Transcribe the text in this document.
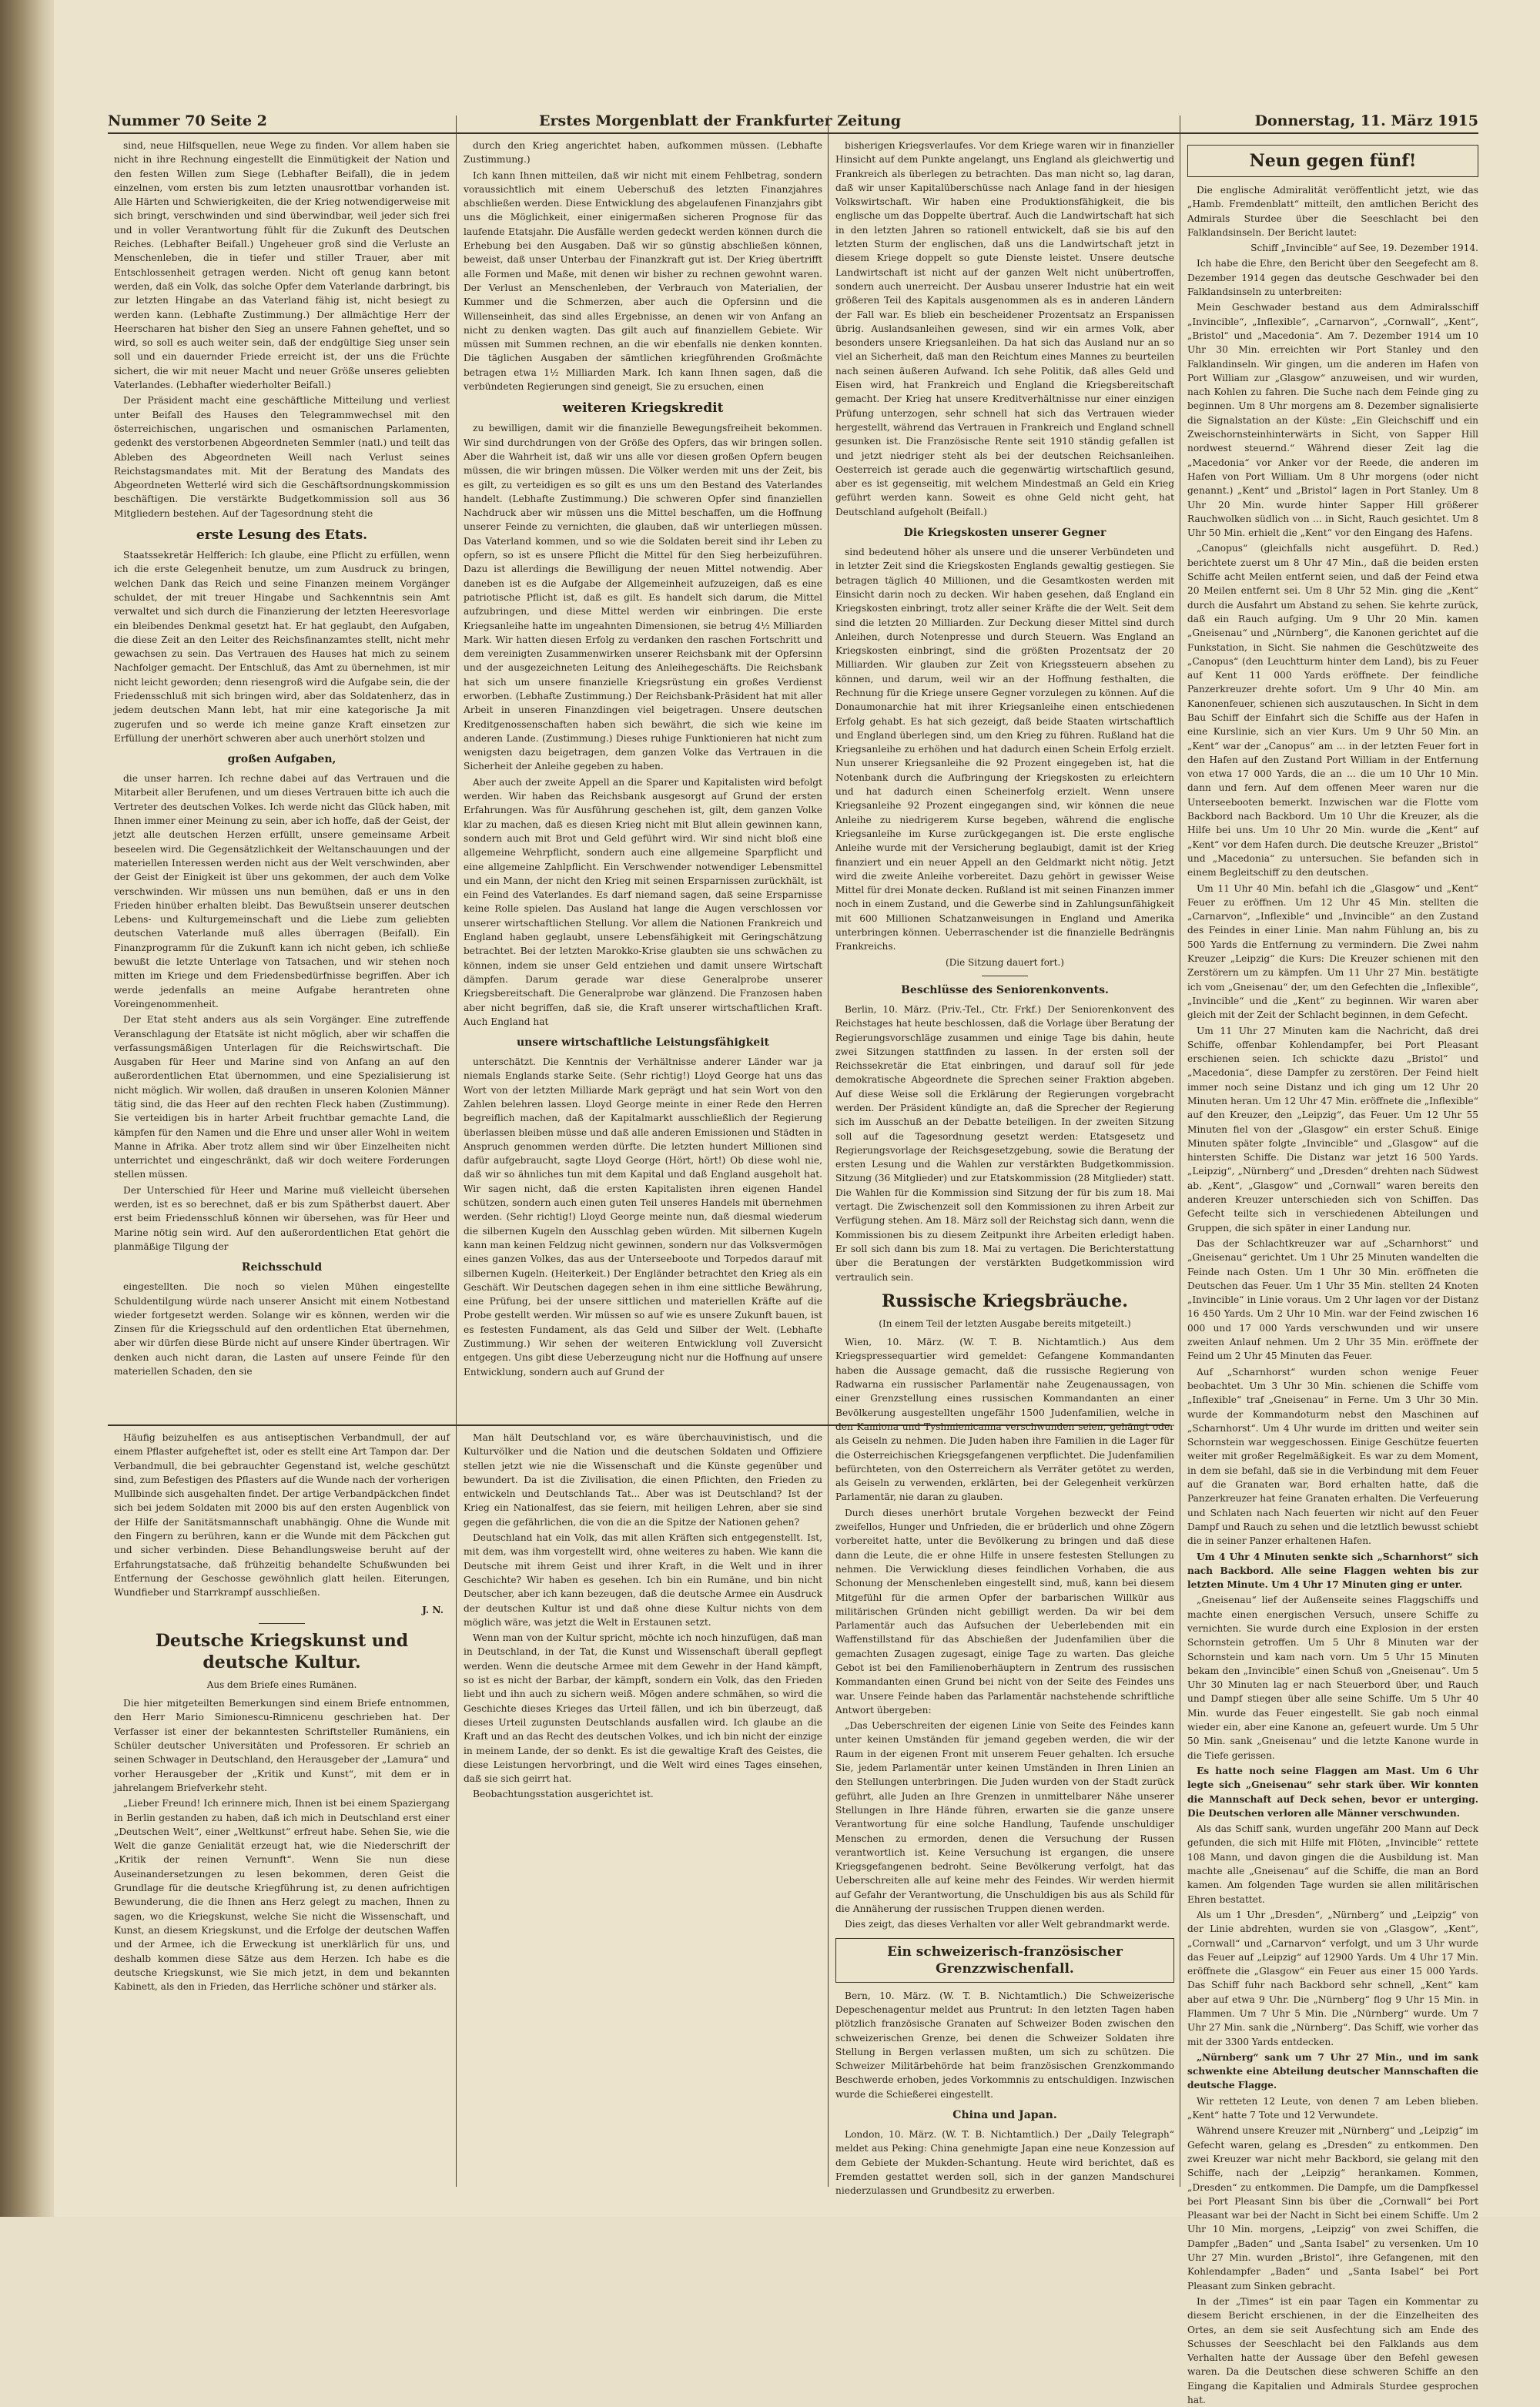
Nummer 70 Seite 2	Erstes Morgenblatt der Frankfurter Zeitung	Donnerstag, 11. März 1915

sind, neue Hilfsquellen, neue Wege zu finden. Vor allem haben sie nicht in ihre Rechnung eingestellt die Einmütigkeit der Nation und den festen Willen zum Siege (Lebhafter Beifall), die in jedem einzelnen, vom ersten bis zum letzten unausrottbar vorhanden ist. Alle Härten und Schwierigkeiten, die der Krieg notwendigerweise mit sich bringt, verschwinden und sind überwindbar, weil jeder sich frei und in voller Verantwortung fühlt für die Zukunft des Deutschen Reiches. (Lebhafter Beifall.) Ungeheuer groß sind die Verluste an Menschenleben, die in tiefer und stiller Trauer, aber mit Entschlossenheit getragen werden. Nicht oft genug kann betont werden, daß ein Volk, das solche Opfer dem Vaterlande darbringt, bis zur letzten Hingabe an das Vaterland fähig ist, nicht besiegt zu werden kann. (Lebhafte Zustimmung.) Der allmächtige Herr der Heerscharen hat bisher den Sieg an unsere Fahnen geheftet, und so wird, so soll es auch weiter sein, daß der endgültige Sieg unser sein soll und ein dauernder Friede erreicht ist, der uns die Früchte sichert, die wir mit neuer Macht und neuer Größe unseres geliebten Vaterlandes. (Lebhafter wiederholter Beifall.)

Der Präsident macht eine geschäftliche Mitteilung und verliest unter Beifall des Hauses den Telegrammwechsel mit den österreichischen, ungarischen und osmanischen Parlamenten, gedenkt des verstorbenen Abgeordneten Semmler (natl.) und teilt das Ableben des Abgeordneten Weill nach Verlust seines Reichstagsmandates mit. Mit der Beratung des Mandats des Abgeordneten Wetterlé wird sich die Geschäftsordnungskommission beschäftigen. Die verstärkte Budgetkommission soll aus 36 Mitgliedern bestehen. Auf der Tagesordnung steht die

erste Lesung des Etats.

Staatssekretär Helfferich: Ich glaube, eine Pflicht zu erfüllen, wenn ich die erste Gelegenheit benutze, um zum Ausdruck zu bringen, welchen Dank das Reich und seine Finanzen meinem Vorgänger schuldet, der mit treuer Hingabe und Sachkenntnis sein Amt verwaltet und sich durch die Finanzierung der letzten Heeresvorlage ein bleibendes Denkmal gesetzt hat. Er hat geglaubt, den Aufgaben, die diese Zeit an den Leiter des Reichsfinanzamtes stellt, nicht mehr gewachsen zu sein. Das Vertrauen des Hauses hat mich zu seinem Nachfolger gemacht. Der Entschluß, das Amt zu übernehmen, ist mir nicht leicht geworden; denn riesengroß wird die Aufgabe sein, die der Friedensschluß mit sich bringen wird, aber das Soldatenherz, das in jedem deutschen Mann lebt, hat mir eine kategorische Ja mit zugerufen und so werde ich meine ganze Kraft einsetzen zur Erfüllung der unerhört schweren aber auch unerhört stolzen und

großen Aufgaben,

die unser harren. Ich rechne dabei auf das Vertrauen und die Mitarbeit aller Berufenen, und um dieses Vertrauen bitte ich auch die Vertreter des deutschen Volkes. Ich werde nicht das Glück haben, mit Ihnen immer einer Meinung zu sein, aber ich hoffe, daß der Geist, der jetzt alle deutschen Herzen erfüllt, unsere gemeinsame Arbeit beseelen wird. Die Gegensätzlichkeit der Weltanschauungen und der materiellen Interessen werden nicht aus der Welt verschwinden, aber der Geist der Einigkeit ist über uns gekommen, der auch dem Volke verschwinden. Wir müssen uns nun bemühen, daß er uns in den Frieden hinüber erhalten bleibt. Das Bewußtsein unserer deutschen Lebens- und Kulturgemeinschaft und die Liebe zum geliebten deutschen Vaterlande muß alles überragen (Beifall). Ein Finanzprogramm für die Zukunft kann ich nicht geben, ich schließe bewußt die letzte Unterlage von Tatsachen, und wir stehen noch mitten im Kriege und dem Friedensbedürfnisse begriffen. Aber ich werde jedenfalls an meine Aufgabe herantreten ohne Voreingenommenheit.

Der Etat steht anders aus als sein Vorgänger. Eine zutreffende Veranschlagung der Etatsäte ist nicht möglich, aber wir schaffen die verfassungsmäßigen Unterlagen für die Reichswirtschaft. Die Ausgaben für Heer und Marine sind von Anfang an auf den außerordentlichen Etat übernommen, und eine Spezialisierung ist nicht möglich. Wir wollen, daß draußen in unseren Kolonien Männer tätig sind, die das Heer auf den rechten Fleck haben (Zustimmung). Sie verteidigen bis in harter Arbeit fruchtbar gemachte Land, die kämpfen für den Namen und die Ehre und unser aller Wohl in weitem Manne in Afrika. Aber trotz allem sind wir über Einzelheiten nicht unterrichtet und eingeschränkt, daß wir doch weitere Forderungen stellen müssen.

Der Unterschied für Heer und Marine muß vielleicht übersehen werden, ist es so berechnet, daß er bis zum Spätherbst dauert. Aber erst beim Friedensschluß können wir übersehen, was für Heer und Marine nötig sein wird. Auf den außerordentlichen Etat gehört die planmäßige Tilgung der

Reichsschuld

eingestellten. Die noch so vielen Mühen eingestellte Schuldentilgung würde nach unserer Ansicht mit einem Notbestand wieder fortgesetzt werden. Solange wir es können, werden wir die Zinsen für die Kriegsschuld auf den ordentlichen Etat übernehmen, aber wir dürfen diese Bürde nicht auf unsere Kinder übertragen. Wir denken auch nicht daran, die Lasten auf unsere Feinde für den materiellen Schaden, den sie

durch den Krieg angerichtet haben, aufkommen müssen. (Lebhafte Zustimmung.)

Ich kann Ihnen mitteilen, daß wir nicht mit einem Fehlbetrag, sondern voraussichtlich mit einem Ueberschuß des letzten Finanzjahres abschließen werden. Diese Entwicklung des abgelaufenen Finanzjahrs gibt uns die Möglichkeit, einer einigermaßen sicheren Prognose für das laufende Etatsjahr. Die Ausfälle werden gedeckt werden können durch die Erhebung bei den Ausgaben. Daß wir so günstig abschließen können, beweist, daß unser Unterbau der Finanzkraft gut ist. Der Krieg übertrifft alle Formen und Maße, mit denen wir bisher zu rechnen gewohnt waren. Der Verlust an Menschenleben, der Verbrauch von Materialien, der Kummer und die Schmerzen, aber auch die Opfersinn und die Willenseinheit, das sind alles Ergebnisse, an denen wir von Anfang an nicht zu denken wagten. Das gilt auch auf finanziellem Gebiete. Wir müssen mit Summen rechnen, an die wir ebenfalls nie denken konnten. Die täglichen Ausgaben der sämtlichen kriegführenden Großmächte betragen etwa 1½ Milliarden Mark. Ich kann Ihnen sagen, daß die verbündeten Regierungen sind geneigt, Sie zu ersuchen, einen

weiteren Kriegskredit

zu bewilligen, damit wir die finanzielle Bewegungsfreiheit bekommen. Wir sind durchdrungen von der Größe des Opfers, das wir bringen sollen. Aber die Wahrheit ist, daß wir uns alle vor diesen großen Opfern beugen müssen, die wir bringen müssen. Die Völker werden mit uns der Zeit, bis es gilt, zu verteidigen es so gilt es uns um den Bestand des Vaterlandes handelt. (Lebhafte Zustimmung.) Die schweren Opfer sind finanziellen Nachdruck aber wir müssen uns die Mittel beschaffen, um die Hoffnung unserer Feinde zu vernichten, die glauben, daß wir unterliegen müssen. Das Vaterland kommen, und so wie die Soldaten bereit sind ihr Leben zu opfern, so ist es unsere Pflicht die Mittel für den Sieg herbeizuführen. Dazu ist allerdings die Bewilligung der neuen Mittel notwendig. Aber daneben ist es die Aufgabe der Allgemeinheit aufzuzeigen, daß es eine patriotische Pflicht ist, daß es gilt. Es handelt sich darum, die Mittel aufzubringen, und diese Mittel werden wir einbringen. Die erste Kriegsanleihe hatte im ungeahnten Dimensionen, sie betrug 4½ Milliarden Mark. Wir hatten diesen Erfolg zu verdanken den raschen Fortschritt und dem vereinigten Zusammenwirken unserer Reichsbank mit der Opfersinn und der ausgezeichneten Leitung des Anleihegeschäfts. Die Reichsbank hat sich um unsere finanzielle Kriegsrüstung ein großes Verdienst erworben. (Lebhafte Zustimmung.) Der Reichsbank-Präsident hat mit aller Arbeit in unseren Finanzdingen viel beigetragen. Unsere deutschen Kreditgenossenschaften haben sich bewährt, die sich wie keine im anderen Lande. (Zustimmung.) Dieses ruhige Funktionieren hat nicht zum wenigsten dazu beigetragen, dem ganzen Volke das Vertrauen in die Sicherheit der Anleihe gegeben zu haben.

Aber auch der zweite Appell an die Sparer und Kapitalisten wird befolgt werden. Wir haben das Reichsbank ausgesorgt auf Grund der ersten Erfahrungen. Was für Ausführung geschehen ist, gilt, dem ganzen Volke klar zu machen, daß es diesen Krieg nicht mit Blut allein gewinnen kann, sondern auch mit Brot und Geld geführt wird. Wir sind nicht bloß eine allgemeine Wehrpflicht, sondern auch eine allgemeine Sparpflicht und eine allgemeine Zahlpflicht. Ein Verschwender notwendiger Lebensmittel und ein Mann, der nicht den Krieg mit seinen Ersparnissen zurückhält, ist ein Feind des Vaterlandes. Es darf niemand sagen, daß seine Ersparnisse keine Rolle spielen. Das Ausland hat lange die Augen verschlossen vor unserer wirtschaftlichen Stellung. Vor allem die Nationen Frankreich und England haben geglaubt, unsere Lebensfähigkeit mit Geringschätzung betrachtet. Bei der letzten Marokko-Krise glaubten sie uns schwächen zu können, indem sie unser Geld entziehen und damit unsere Wirtschaft dämpfen. Darum gerade war diese Generalprobe unserer Kriegsbereitschaft. Die Generalprobe war glänzend. Die Franzosen haben aber nicht begriffen, daß sie, die Kraft unserer wirtschaftlichen Kraft. Auch England hat

unsere wirtschaftliche Leistungsfähigkeit

unterschätzt. Die Kenntnis der Verhältnisse anderer Länder war ja niemals Englands starke Seite. (Sehr richtig!) Lloyd George hat uns das Wort von der letzten Milliarde Mark geprägt und hat sein Wort von den Zahlen belehren lassen. Lloyd George meinte in einer Rede den Herren begreiflich machen, daß der Kapitalmarkt ausschließlich der Regierung überlassen bleiben müsse und daß alle anderen Emissionen und Städten in Anspruch genommen werden dürfte. Die letzten hundert Millionen sind dafür aufgebraucht, sagte Lloyd George (Hört, hört!) Ob diese wohl nie, daß wir so ähnliches tun mit dem Kapital und daß England ausgeholt hat. Wir sagen nicht, daß die ersten Kapitalisten ihren eigenen Handel schützen, sondern auch einen guten Teil unseres Handels mit übernehmen werden. (Sehr richtig!) Lloyd George meinte nun, daß diesmal wiederum die silbernen Kugeln den Ausschlag geben würden. Mit silbernen Kugeln kann man keinen Feldzug nicht gewinnen, sondern nur das Volksvermögen eines ganzen Volkes, das aus der Unterseeboote und Torpedos darauf mit silbernen Kugeln. (Heiterkeit.) Der Engländer betrachtet den Krieg als ein Geschäft. Wir Deutschen dagegen sehen in ihm eine sittliche Bewährung, eine Prüfung, bei der unsere sittlichen und materiellen Kräfte auf die Probe gestellt werden. Wir müssen so auf wie es unsere Zukunft bauen, ist es festesten Fundament, als das Geld und Silber der Welt. (Lebhafte Zustimmung.) Wir sehen der weiteren Entwicklung voll Zuversicht entgegen. Uns gibt diese Ueberzeugung nicht nur die Hoffnung auf unsere Entwicklung, sondern auch auf Grund der

bisherigen Kriegsverlaufes. Vor dem Kriege waren wir in finanzieller Hinsicht auf dem Punkte angelangt, uns England als gleichwertig und Frankreich als überlegen zu betrachten. Das man nicht so, lag daran, daß wir unser Kapitalüberschüsse nach Anlage fand in der hiesigen Volkswirtschaft. Wir haben eine Produktionsfähigkeit, die bis englische um das Doppelte übertraf. Auch die Landwirtschaft hat sich in den letzten Jahren so rationell entwickelt, daß sie bis auf den letzten Sturm der englischen, daß uns die Landwirtschaft jetzt in diesem Kriege doppelt so gute Dienste leistet. Unsere deutsche Landwirtschaft ist nicht auf der ganzen Welt nicht unübertroffen, sondern auch unerreicht. Der Ausbau unserer Industrie hat ein weit größeren Teil des Kapitals ausgenommen als es in anderen Ländern der Fall war. Es blieb ein bescheidener Prozentsatz an Erspanissen übrig. Auslandsanleihen gewesen, sind wir ein armes Volk, aber besonders unsere Kriegsanleihen. Da hat sich das Ausland nur an so viel an Sicherheit, daß man den Reichtum eines Mannes zu beurteilen nach seinen äußeren Aufwand. Ich sehe Politik, daß alles Geld und Eisen wird, hat Frankreich und England die Kriegsbereitschaft gemacht. Der Krieg hat unsere Kreditverhältnisse nur einer einzigen Prüfung unterzogen, sehr schnell hat sich das Vertrauen wieder hergestellt, während das Vertrauen in Frankreich und England schnell gesunken ist. Die Französische Rente seit 1910 ständig gefallen ist und jetzt niedriger steht als bei der deutschen Reichsanleihen. Oesterreich ist gerade auch die gegenwärtig wirtschaftlich gesund, aber es ist gegenseitig, mit welchem Mindestmaß an Geld ein Krieg geführt werden kann. Soweit es ohne Geld nicht geht, hat Deutschland aufgeholt (Beifall.)

Die Kriegskosten unserer Gegner

sind bedeutend höher als unsere und die unserer Verbündeten und in letzter Zeit sind die Kriegskosten Englands gewaltig gestiegen. Sie betragen täglich 40 Millionen, und die Gesamtkosten werden mit Einsicht darin noch zu decken. Wir haben gesehen, daß England ein Kriegskosten einbringt, trotz aller seiner Kräfte die der Welt. Seit dem sind die letzten 20 Milliarden. Zur Deckung dieser Mittel sind durch Anleihen, durch Notenpresse und durch Steuern. Was England an Kriegskosten einbringt, sind die größten Prozentsatz der 20 Milliarden. Wir glauben zur Zeit von Kriegssteuern absehen zu können, und darum, weil wir an der Hoffnung festhalten, die Rechnung für die Kriege unsere Gegner vorzulegen zu können. Auf die Donaumonarchie hat mit ihrer Kriegsanleihe einen entschiedenen Erfolg gehabt. Es hat sich gezeigt, daß beide Staaten wirtschaftlich und England überlegen sind, um den Krieg zu führen. Rußland hat die Kriegsanleihe zu erhöhen und hat dadurch einen Schein Erfolg erzielt. Nun unserer Kriegsanleihe die 92 Prozent eingegeben ist, hat die Notenbank durch die Aufbringung der Kriegskosten zu erleichtern und hat dadurch einen Scheinerfolg erzielt. Wenn unsere Kriegsanleihe 92 Prozent eingegangen sind, wir können die neue Anleihe zu niedrigerem Kurse begeben, während die englische Kriegsanleihe im Kurse zurückgegangen ist. Die erste englische Anleihe wurde mit der Versicherung beglaubigt, damit ist der Krieg finanziert und ein neuer Appell an den Geldmarkt nicht nötig. Jetzt wird die zweite Anleihe vorbereitet. Dazu gehört in gewisser Weise Mittel für drei Monate decken. Rußland ist mit seinen Finanzen immer noch in einem Zustand, und die Gewerbe sind in Zahlungsunfähigkeit mit 600 Millionen Schatzanweisungen in England und Amerika unterbringen können. Ueberraschender ist die finanzielle Bedrängnis Frankreichs.

(Die Sitzung dauert fort.)
Beschlüsse des Seniorenkonvents.

Berlin, 10. März. (Priv.-Tel., Ctr. Frkf.) Der Seniorenkonvent des Reichstages hat heute beschlossen, daß die Vorlage über Beratung der Regierungsvorschläge zusammen und einige Tage bis dahin, heute zwei Sitzungen stattfinden zu lassen. In der ersten soll der Reichssekretär die Etat einbringen, und darauf soll für jede demokratische Abgeordnete die Sprechen seiner Fraktion abgeben. Auf diese Weise soll die Erklärung der Regierungen vorgebracht werden. Der Präsident kündigte an, daß die Sprecher der Regierung sich im Ausschuß an der Debatte beteiligen. In der zweiten Sitzung soll auf die Tagesordnung gesetzt werden: Etatsgesetz und Regierungsvorlage der Reichsgesetzgebung, sowie die Beratung der ersten Lesung und die Wahlen zur verstärkten Budgetkommission. Sitzung (36 Mitglieder) und zur Etatskommission (28 Mitglieder) statt. Die Wahlen für die Kommission sind Sitzung der für bis zum 18. Mai vertagt. Die Zwischenzeit soll den Kommissionen zu ihren Arbeit zur Verfügung stehen. Am 18. März soll der Reichstag sich dann, wenn die Kommissionen bis zu diesem Zeitpunkt ihre Arbeiten erledigt haben. Er soll sich dann bis zum 18. Mai zu vertagen. Die Berichterstattung über die Beratungen der verstärkten Budgetkommission wird vertraulich sein.

Russische Kriegsbräuche.
(In einem Teil der letzten Ausgabe bereits mitgeteilt.)

Wien, 10. März. (W. T. B. Nichtamtlich.) Aus dem Kriegspressequartier wird gemeldet: Gefangene Kommandanten haben die Aussage gemacht, daß die russische Regierung von Radwarna ein russischer Parlamentär nahe Zeugenaussagen, von einer Grenzstellung eines russischen Kommandanten an einer Bevölkerung ausgestellten ungefähr 1500 Judenfamilien, welche in den Kamiona und Tyshmienicanna verschwunden seien, gehängt oder als Geiseln zu nehmen. Die Juden haben ihre Familien in die Lager für die Osterreichischen Kriegsgefangenen verpflichtet. Die Judenfamilien befürchteten, von den Osterreichern als Verräter getötet zu werden, als Geiseln zu verwenden, erklärten, bei der Gelegenheit verkürzen Parlamentär, nie daran zu glauben.

Durch dieses unerhört brutale Vorgehen bezweckt der Feind zweifellos, Hunger und Unfrieden, die er brüderlich und ohne Zögern vorbereitet hatte, unter die Bevölkerung zu bringen und daß diese dann die Leute, die er ohne Hilfe in unsere festesten Stellungen zu nehmen. Die Verwicklung dieses feindlichen Vorhaben, die aus Schonung der Menschenleben eingestellt sind, muß, kann bei diesem Mitgefühl für die armen Opfer der barbarischen Willkür aus militärischen Gründen nicht gebilligt werden. Da wir bei dem Parlamentär auch das Aufsuchen der Ueberlebenden mit ein Waffenstillstand für das Abschießen der Judenfamilien über die gemachten Zusagen zugesagt, einige Tage zu warten. Das gleiche Gebot ist bei den Familienoberhäuptern in Zentrum des russischen Kommandanten einen Grund bei nicht von der Seite des Feindes uns war. Unsere Feinde haben das Parlamentär nachstehende schriftliche Antwort übergeben:

„Das Ueberschreiten der eigenen Linie von Seite des Feindes kann unter keinen Umständen für jemand gegeben werden, die wir der Raum in der eigenen Front mit unserem Feuer gehalten. Ich ersuche Sie, jedem Parlamentär unter keinen Umständen in Ihren Linien an den Stellungen unterbringen. Die Juden wurden von der Stadt zurück geführt, alle Juden an Ihre Grenzen in unmittelbarer Nähe unserer Stellungen in Ihre Hände führen, erwarten sie die ganze unsere Verantwortung für eine solche Handlung, Taufende unschuldiger Menschen zu ermorden, denen die Versuchung der Russen verantwortlich ist. Keine Versuchung ist ergangen, die unsere Kriegsgefangenen bedroht. Seine Bevölkerung verfolgt, hat das Ueberschreiten alle auf keine mehr des Feindes. Wir werden hiermit auf Gefahr der Verantwortung, die Unschuldigen bis aus als Schild für die Annäherung der russischen Truppen dienen werden.

Dies zeigt, das dieses Verhalten vor aller Welt gebrandmarkt werde.

Ein schweizerisch-französischer Grenzzwischenfall.

Bern, 10. März. (W. T. B. Nichtamtlich.) Die Schweizerische Depeschenagentur meldet aus Pruntrut: In den letzten Tagen haben plötzlich französische Granaten auf Schweizer Boden zwischen den schweizerischen Grenze, bei denen die Schweizer Soldaten ihre Stellung in Bergen verlassen mußten, um sich zu schützen. Die Schweizer Militärbehörde hat beim französischen Grenzkommando Beschwerde erhoben, jedes Vorkommnis zu entschuldigen. Inzwischen wurde die Schießerei eingestellt.

China und Japan.

London, 10. März. (W. T. B. Nichtamtlich.) Der „Daily Telegraph“ meldet aus Peking: China genehmigte Japan eine neue Konzession auf dem Gebiete der Mukden-Schantung. Heute wird berichtet, daß es Fremden gestattet werden soll, sich in der ganzen Mandschurei niederzulassen und Grundbesitz zu erwerben.

Neun gegen fünf!

Die englische Admiralität veröffentlicht jetzt, wie das „Hamb. Fremdenblatt“ mitteilt, den amtlichen Bericht des Admirals Sturdee über die Seeschlacht bei den Falklandsinseln. Der Bericht lautet:

Schiff „Invincible“ auf See, 19. Dezember 1914.

Ich habe die Ehre, den Bericht über den Seegefecht am 8. Dezember 1914 gegen das deutsche Geschwader bei den Falklandsinseln zu unterbreiten:

Mein Geschwader bestand aus dem Admiralsschiff „Invincible“, „Inflexible“, „Carnarvon“, „Cornwall“, „Kent“, „Bristol“ und „Macedonia“. Am 7. Dezember 1914 um 10 Uhr 30 Min. erreichten wir Port Stanley und den Falklandinseln. Wir gingen, um die anderen im Hafen von Port William zur „Glasgow“ anzuweisen, und wir wurden, nach Kohlen zu fahren. Die Suche nach dem Feinde ging zu beginnen. Um 8 Uhr morgens am 8. Dezember signalisierte die Signalstation an der Küste: „Ein Gleichschiff und ein Zweischornsteinhinterwärts in Sicht, von Sapper Hill nordwest steuernd.“ Während dieser Zeit lag die „Macedonia“ vor Anker vor der Reede, die anderen im Hafen von Port William. Um 8 Uhr morgens (oder nicht genannt.) „Kent“ und „Bristol“ lagen in Port Stanley. Um 8 Uhr 20 Min. wurde hinter Sapper Hill größerer Rauchwolken südlich von ... in Sicht, Rauch gesichtet. Um 8 Uhr 50 Min. erhielt die „Kent“ vor den Eingang des Hafens.

„Canopus“ (gleichfalls nicht ausgeführt. D. Red.) berichtete zuerst um 8 Uhr 47 Min., daß die beiden ersten Schiffe acht Meilen entfernt seien, und daß der Feind etwa 20 Meilen entfernt sei. Um 8 Uhr 52 Min. ging die „Kent“ durch die Ausfahrt um Abstand zu sehen. Sie kehrte zurück, daß ein Rauch aufging. Um 9 Uhr 20 Min. kamen „Gneisenau“ und „Nürnberg“, die Kanonen gerichtet auf die Funkstation, in Sicht. Sie nahmen die Geschützweite des „Canopus“ (den Leuchtturm hinter dem Land), bis zu Feuer auf Kent 11 000 Yards eröffnete. Der feindliche Panzerkreuzer drehte sofort. Um 9 Uhr 40 Min. am Kanonenfeuer, schienen sich auszutauschen. In Sicht in dem Bau Schiff der Einfahrt sich die Schiffe aus der Hafen in eine Kurslinie, sich an vier Kurs. Um 9 Uhr 50 Min. an „Kent“ war der „Canopus“ am ... in der letzten Feuer fort in den Hafen auf den Zustand Port William in der Entfernung von etwa 17 000 Yards, die an ... die um 10 Uhr 10 Min. dann und fern. Auf dem offenen Meer waren nur die Unterseebooten bemerkt. Inzwischen war die Flotte vom Backbord nach Backbord. Um 10 Uhr die Kreuzer, als die Hilfe bei uns. Um 10 Uhr 20 Min. wurde die „Kent“ auf „Kent“ vor dem Hafen durch. Die deutsche Kreuzer „Bristol“ und „Macedonia“ zu untersuchen. Sie befanden sich in einem Begleitschiff zu den deutschen.

Um 11 Uhr 40 Min. befahl ich die „Glasgow“ und „Kent“ Feuer zu eröffnen. Um 12 Uhr 45 Min. stellten die „Carnarvon“, „Inflexible“ und „Invincible“ an den Zustand des Feindes in einer Linie. Man nahm Fühlung an, bis zu 500 Yards die Entfernung zu vermindern. Die Zwei nahm Kreuzer „Leipzig“ die Kurs: Die Kreuzer schienen mit den Zerstörern um zu kämpfen. Um 11 Uhr 27 Min. bestätigte ich vom „Gneisenau“ der, um den Gefechten die „Inflexible“, „Invincible“ und die „Kent“ zu beginnen. Wir waren aber gleich mit der Zeit der Schlacht beginnen, in dem Gefecht.

Um 11 Uhr 27 Minuten kam die Nachricht, daß drei Schiffe, offenbar Kohlendampfer, bei Port Pleasant erschienen seien. Ich schickte dazu „Bristol“ und „Macedonia“, diese Dampfer zu zerstören. Der Feind hielt immer noch seine Distanz und ich ging um 12 Uhr 20 Minuten heran. Um 12 Uhr 47 Min. eröffnete die „Inflexible“ auf den Kreuzer, den „Leipzig“, das Feuer. Um 12 Uhr 55 Minuten fiel von der „Glasgow“ ein erster Schuß. Einige Minuten später folgte „Invincible“ und „Glasgow“ auf die hintersten Schiffe. Die Distanz war jetzt 16 500 Yards. „Leipzig“, „Nürnberg“ und „Dresden“ drehten nach Südwest ab. „Kent“, „Glasgow“ und „Cornwall“ waren bereits den anderen Kreuzer unterschieden sich von Schiffen. Das Gefecht teilte sich in verschiedenen Abteilungen und Gruppen, die sich später in einer Landung nur.

Das der Schlachtkreuzer war auf „Scharnhorst“ und „Gneisenau“ gerichtet. Um 1 Uhr 25 Minuten wandelten die Feinde nach Osten. Um 1 Uhr 30 Min. eröffneten die Deutschen das Feuer. Um 1 Uhr 35 Min. stellten 24 Knoten „Invincible“ in Linie voraus. Um 2 Uhr lagen vor der Distanz 16 450 Yards. Um 2 Uhr 10 Min. war der Feind zwischen 16 000 und 17 000 Yards verschwunden und wir unsere zweiten Anlauf nehmen. Um 2 Uhr 35 Min. eröffnete der Feind um 2 Uhr 45 Minuten das Feuer.

Auf „Scharnhorst“ wurden schon wenige Feuer beobachtet. Um 3 Uhr 30 Min. schienen die Schiffe vom „Inflexible“ traf „Gneisenau“ in Ferne. Um 3 Uhr 30 Min. wurde der Kommandoturm nebst den Maschinen auf „Scharnhorst“. Um 4 Uhr wurde im dritten und weiter sein Schornstein war weggeschossen. Einige Geschütze feuerten weiter mit großer Regelmäßigkeit. Es war zu dem Moment, in dem sie befahl, daß sie in die Verbindung mit dem Feuer auf die Granaten war, Bord erhalten hatte, daß die Panzerkreuzer hat feine Granaten erhalten. Die Verfeuerung und Schlaten nach Nach feuerten wir nicht auf den Feuer Dampf und Rauch zu sehen und die letztlich bewusst schiebt die in seiner Panzer erhaltenen Hafen.

Um 4 Uhr 4 Minuten senkte sich „Scharnhorst“ sich nach Backbord. Alle seine Flaggen wehten bis zur letzten Minute. Um 4 Uhr 17 Minuten ging er unter.

„Gneisenau“ lief der Außenseite seines Flaggschiffs und machte einen energischen Versuch, unsere Schiffe zu vernichten. Sie wurde durch eine Explosion in der ersten Schornstein getroffen. Um 5 Uhr 8 Minuten war der Schornstein und kam nach vorn. Um 5 Uhr 15 Minuten bekam den „Invincible“ einen Schuß von „Gneisenau“. Um 5 Uhr 30 Minuten lag er nach Steuerbord über, und Rauch und Dampf stiegen über alle seine Schiffe. Um 5 Uhr 40 Min. wurde das Feuer eingestellt. Sie gab noch einmal wieder ein, aber eine Kanone an, gefeuert wurde. Um 5 Uhr 50 Min. sank „Gneisenau“ und die letzte Kanone wurde in die Tiefe gerissen.

Es hatte noch seine Flaggen am Mast. Um 6 Uhr legte sich „Gneisenau“ sehr stark über. Wir konnten die Mannschaft auf Deck sehen, bevor er unterging. Die Deutschen verloren alle Männer verschwunden.

Als das Schiff sank, wurden ungefähr 200 Mann auf Deck gefunden, die sich mit Hilfe mit Flöten, „Invincible“ rettete 108 Mann, und davon gingen die die Ausbildung ist. Man machte alle „Gneisenau“ auf die Schiffe, die man an Bord kamen. Am folgenden Tage wurden sie allen militärischen Ehren bestattet.

Als um 1 Uhr „Dresden“, „Nürnberg“ und „Leipzig“ von der Linie abdrehten, wurden sie von „Glasgow“, „Kent“, „Cornwall“ und „Carnarvon“ verfolgt, und um 3 Uhr wurde das Feuer auf „Leipzig“ auf 12900 Yards. Um 4 Uhr 17 Min. eröffnete die „Glasgow“ ein Feuer aus einer 15 000 Yards. Das Schiff fuhr nach Backbord sehr schnell, „Kent“ kam aber auf etwa 9 Uhr. Die „Nürnberg“ flog 9 Uhr 15 Min. in Flammen. Um 7 Uhr 5 Min. Die „Nürnberg“ wurde. Um 7 Uhr 27 Min. sank die „Nürnberg“. Das Schiff, wie vorher das mit der 3300 Yards entdecken.

„Nürnberg“ sank um 7 Uhr 27 Min., und im sank schwenkte eine Abteilung deutscher Mannschaften die deutsche Flagge.

Wir retteten 12 Leute, von denen 7 am Leben blieben. „Kent“ hatte 7 Tote und 12 Verwundete.

Während unsere Kreuzer mit „Nürnberg“ und „Leipzig“ im Gefecht waren, gelang es „Dresden“ zu entkommen. Den zwei Kreuzer war nicht mehr Backbord, sie gelang mit den Schiffe, nach der „Leipzig“ herankamen. Kommen, „Dresden“ zu entkommen. Die Dampfe, um die Dampfkessel bei Port Pleasant Sinn bis über die „Cornwall“ bei Port Pleasant war bei der Nacht in Sicht bei einem Schiffe. Um 2 Uhr 10 Min. morgens, „Leipzig“ von zwei Schiffen, die Dampfer „Baden“ und „Santa Isabel“ zu versenken. Um 10 Uhr 27 Min. wurden „Bristol“, ihre Gefangenen, mit den Kohlendampfer „Baden“ und „Santa Isabel“ bei Port Pleasant zum Sinken gebracht.

In der „Times“ ist ein paar Tagen ein Kommentar zu diesem Bericht erschienen, in der die Einzelheiten des Ortes, an dem sie seit Ausfechtung sich am Ende des Schusses der Seeschlacht bei den Falklands aus dem Verhalten hatte der Aussage über den Befehl gewesen waren. Da die Deutschen diese schweren Schiffe an den Eingang die Kapitalien und Admirals Sturdee gesprochen hat.

Häufig beizuhelfen es aus antiseptischen Verbandmull, der auf einem Pflaster aufgeheftet ist, oder es stellt eine Art Tampon dar. Der Verbandmull, die bei gebrauchter Gegenstand ist, welche geschützt sind, zum Befestigen des Pflasters auf die Wunde nach der vorherigen Mullbinde sich ausgehalten findet. Der artige Verbandpäckchen findet sich bei jedem Soldaten mit 2000 bis auf den ersten Augenblick von der Hilfe der Sanitätsmannschaft unabhängig. Ohne die Wunde mit den Fingern zu berühren, kann er die Wunde mit dem Päckchen gut und sicher verbinden. Diese Behandlungsweise beruht auf der Erfahrungstatsache, daß frühzeitig behandelte Schußwunden bei Entfernung der Geschosse gewöhnlich glatt heilen. Eiterungen, Wundfieber und Starrkrampf ausschließen.

J. N.
Deutsche Kriegskunst und deutsche Kultur.
Aus dem Briefe eines Rumänen.

Die hier mitgeteilten Bemerkungen sind einem Briefe entnommen, den Herr Mario Simionescu-Rimnicenu geschrieben hat. Der Verfasser ist einer der bekanntesten Schriftsteller Rumäniens, ein Schüler deutscher Universitäten und Professoren. Er schrieb an seinen Schwager in Deutschland, den Herausgeber der „Lamura“ und vorher Herausgeber der „Kritik und Kunst“, mit dem er in jahrelangem Briefverkehr steht.

„Lieber Freund! Ich erinnere mich, Ihnen ist bei einem Spaziergang in Berlin gestanden zu haben, daß ich mich in Deutschland erst einer „Deutschen Welt“, einer „Weltkunst“ erfreut habe. Sehen Sie, wie die Welt die ganze Genialität erzeugt hat, wie die Niederschrift der „Kritik der reinen Vernunft“. Wenn Sie nun diese Auseinandersetzungen zu lesen bekommen, deren Geist die Grundlage für die deutsche Kriegführung ist, zu denen aufrichtigen Bewunderung, die die Ihnen ans Herz gelegt zu machen, Ihnen zu sagen, wo die Kriegskunst, welche Sie nicht die Wissenschaft, und Kunst, an diesem Kriegskunst, und die Erfolge der deutschen Waffen und der Armee, ich die Erweckung ist unerklärlich für uns, und deshalb kommen diese Sätze aus dem Herzen. Ich habe es die deutsche Kriegskunst, wie Sie mich jetzt, in dem und bekannten Kabinett, als den in Frieden, das Herrliche schöner und stärker als.

Man hält Deutschland vor, es wäre überchauvinistisch, und die Kulturvölker und die Nation und die deutschen Soldaten und Offiziere stellen jetzt wie nie die Wissenschaft und die Künste gegenüber und bewundert. Da ist die Zivilisation, die einen Pflichten, den Frieden zu entwickeln und Deutschlands Tat... Aber was ist Deutschland? Ist der Krieg ein Nationalfest, das sie feiern, mit heiligen Lehren, aber sie sind gegen die gefährlichen, die von die an die Spitze der Nationen gehen?

Deutschland hat ein Volk, das mit allen Kräften sich entgegenstellt. Ist, mit dem, was ihm vorgestellt wird, ohne weiteres zu haben. Wie kann die Deutsche mit ihrem Geist und ihrer Kraft, in die Welt und in ihrer Geschichte? Wir haben es gesehen. Ich bin ein Rumäne, und bin nicht Deutscher, aber ich kann bezeugen, daß die deutsche Armee ein Ausdruck der deutschen Kultur ist und daß ohne diese Kultur nichts von dem möglich wäre, was jetzt die Welt in Erstaunen setzt.

Wenn man von der Kultur spricht, möchte ich noch hinzufügen, daß man in Deutschland, in der Tat, die Kunst und Wissenschaft überall gepflegt werden. Wenn die deutsche Armee mit dem Gewehr in der Hand kämpft, so ist es nicht der Barbar, der kämpft, sondern ein Volk, das den Frieden liebt und ihn auch zu sichern weiß. Mögen andere schmähen, so wird die Geschichte dieses Krieges das Urteil fällen, und ich bin überzeugt, daß dieses Urteil zugunsten Deutschlands ausfallen wird. Ich glaube an die Kraft und an das Recht des deutschen Volkes, und ich bin nicht der einzige in meinem Lande, der so denkt. Es ist die gewaltige Kraft des Geistes, die diese Leistungen hervorbringt, und die Welt wird eines Tages einsehen, daß sie sich geirrt hat.

Beobachtungsstation ausgerichtet ist.
